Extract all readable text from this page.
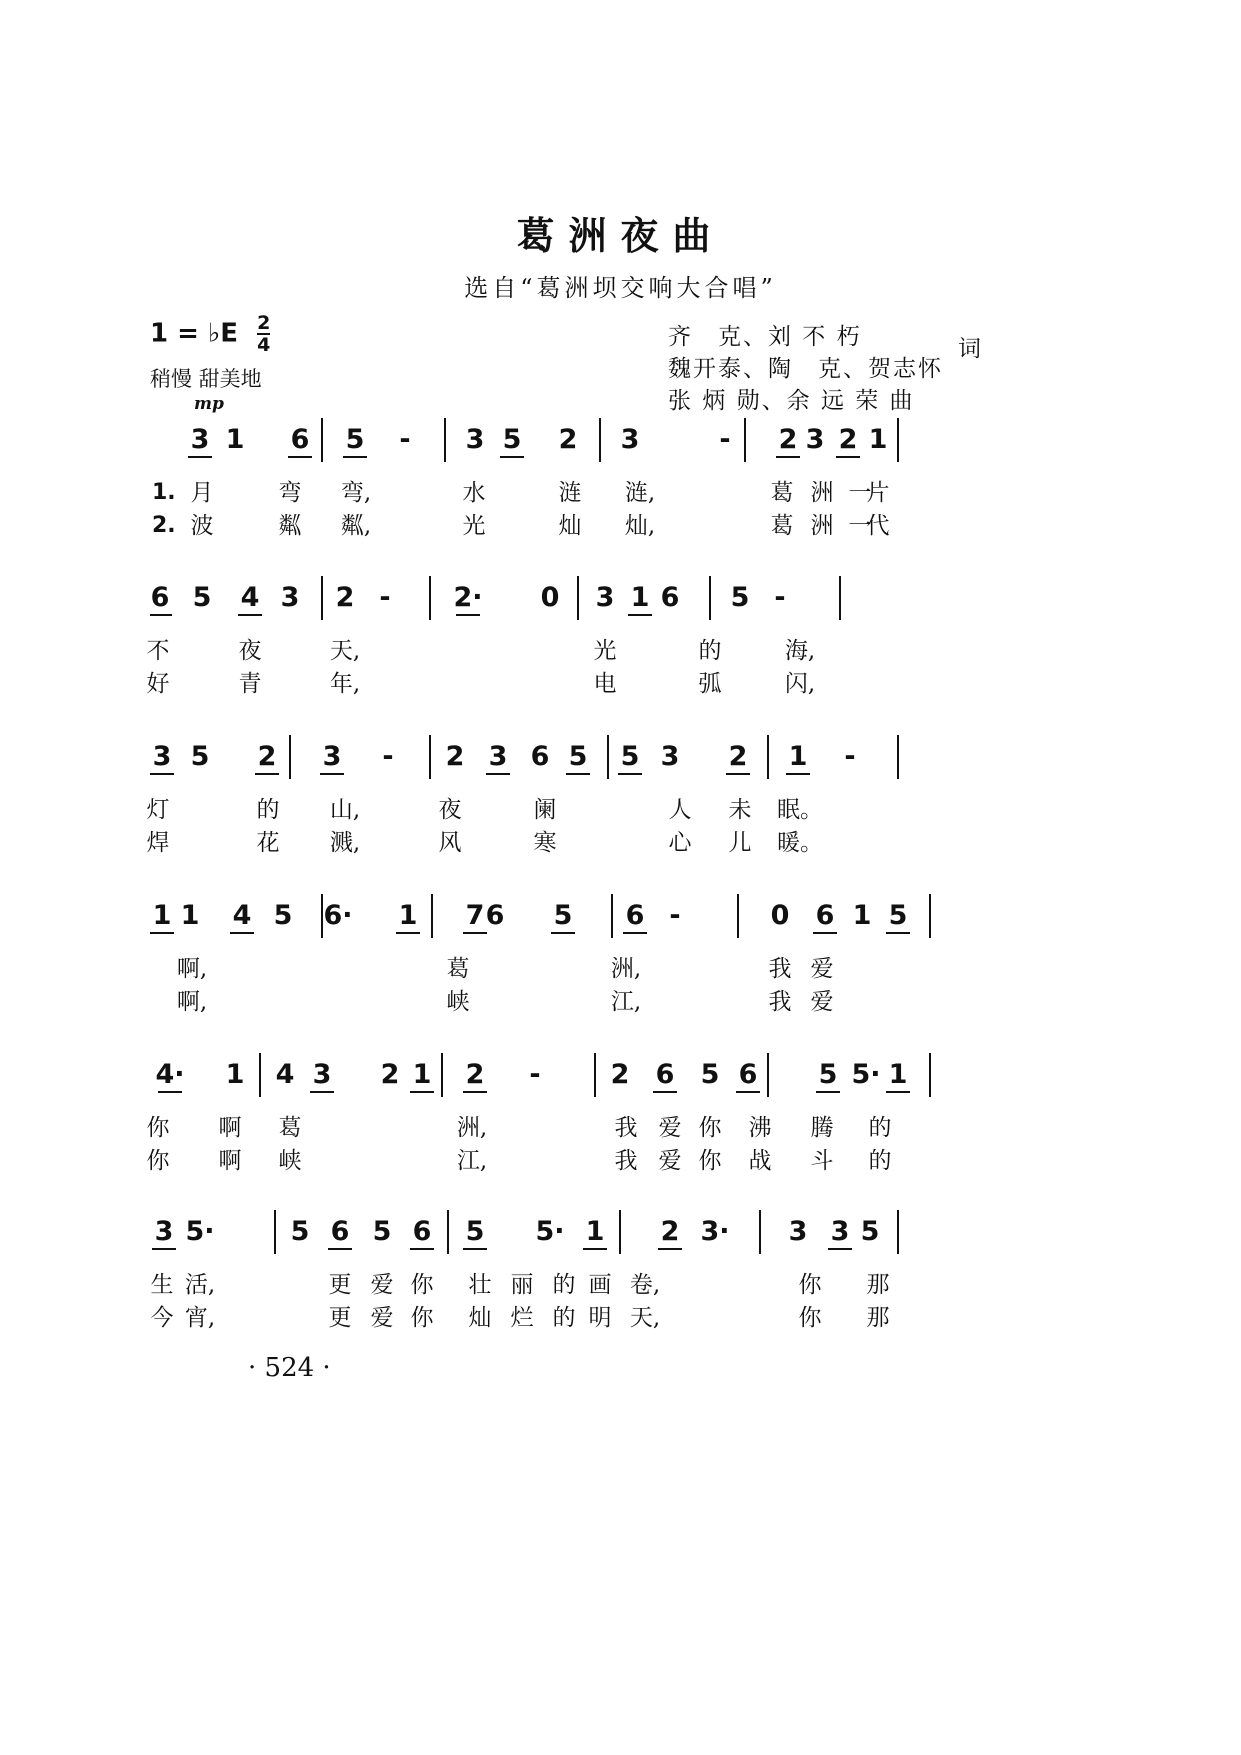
葛洲夜曲
选自“葛洲坝交响大合唱”
1 = ♭E $\frac{2}{4}$
稍慢 甜美地
齐　克、刘 不 朽	词
魏开泰、陶　克、贺志怀
张 炳 勋、余 远 荣 曲
3 1 6 5	-	3 5 2 3	-	2 3 2 1
1. 月	弯	弯,	水	涟	涟,	葛 洲 一
片
2. 波	粼	粼,	光	灿	灿,	葛 洲 一
代
6 5 4 3 2 -	2· 0 3 1 6 5 -
不	夜	天,	光	的	海,
好	青	年,	电	弧	闪,
3 5 2 3	-	2 3 6 5 5 3 2 1	-
灯	的	山,	夜	阑	人	未	眠。
焊	花	溅,	风	寒	心	儿	暖。
1 1 4 5 6· 1 7 6 5 6 -	0 6 1 5
啊,	葛	洲,	我 爱
啊,	峡	江,	我 爱
4· 1 4 3 2 1 2	-	2 6 5 6 5 5· 1
你	啊	葛	洲,	我 爱 你	沸	腾	的
你	啊	峡	江,	我 爱 你	战	斗	的
3 5·	5 6 5 6 5 5· 1 2 3· 3 3 5
生 活,	更 爱 你	壮 丽 的 画 卷,	你	那
今 宵,	更 爱 你	灿 烂 的 明 天,	你	那
mp
· 524 ·
